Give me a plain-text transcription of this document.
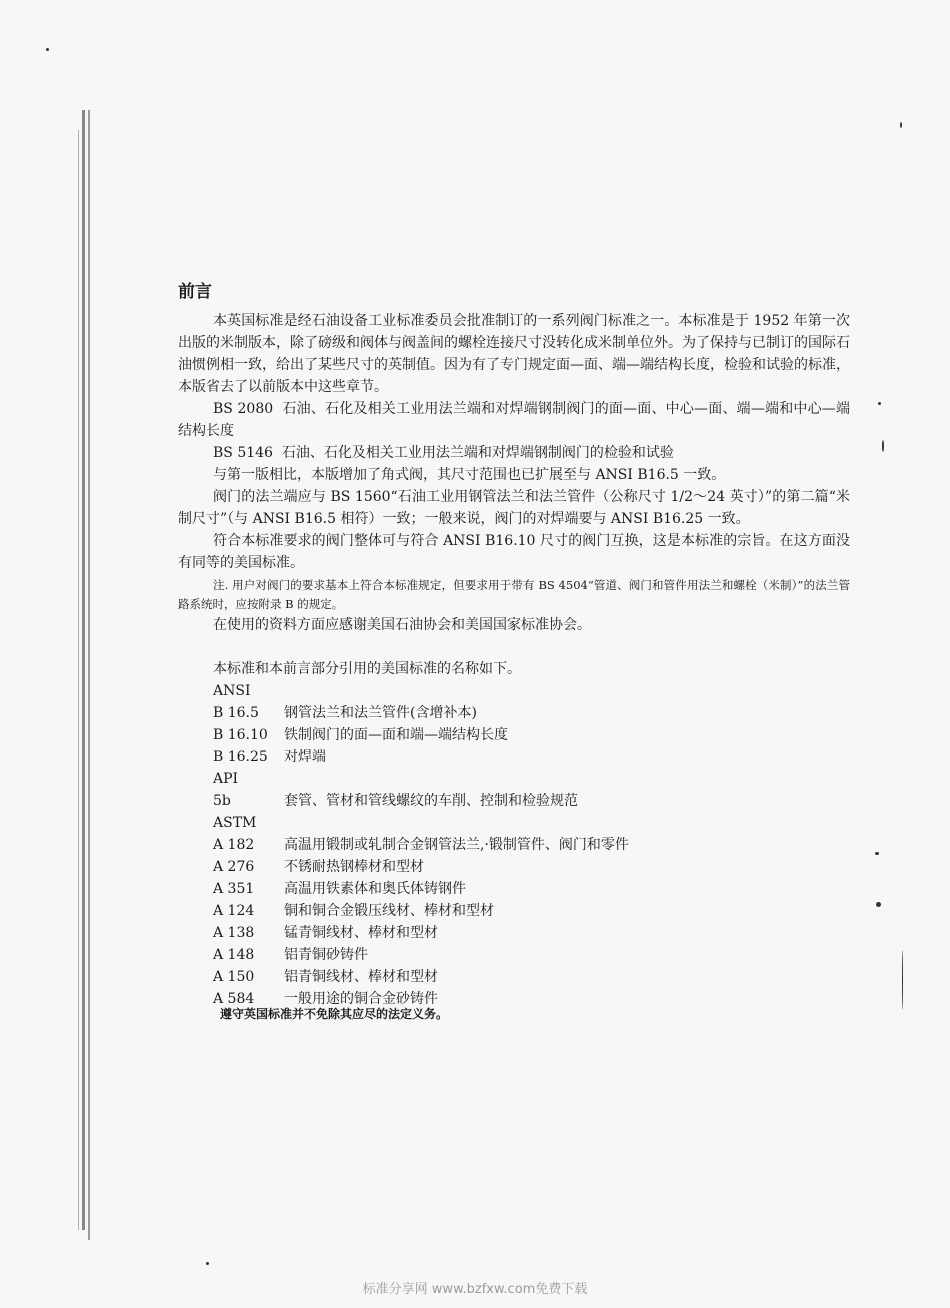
前言

本英国标准是经石油设备工业标准委员会批准制订的一系列阀门标准之一。本标准是于 1952 年第一次出版的米制版本，除了磅级和阀体与阀盖间的螺栓连接尺寸没转化成米制单位外。为了保持与已制订的国际石油惯例相一致，给出了某些尺寸的英制值。因为有了专门规定面—面、端—端结构长度，检验和试验的标准，本版省去了以前版本中这些章节。

BS 2080 石油、石化及相关工业用法兰端和对焊端钢制阀门的面—面、中心—面、端—端和中心—端结构长度
BS 5146 石油、石化及相关工业用法兰端和对焊端钢制阀门的检验和试验

与第一版相比，本版增加了角式阀，其尺寸范围也已扩展至与 ANSI B16.5 一致。

阀门的法兰端应与 BS 1560“石油工业用钢管法兰和法兰管件（公称尺寸 1/2～24 英寸）”的第二篇“米制尺寸”（与 ANSI B16.5 相符）一致；一般来说，阀门的对焊端要与 ANSI B16.25 一致。

符合本标准要求的阀门整体可与符合 ANSI B16.10 尺寸的阀门互换，这是本标准的宗旨。在这方面没有同等的美国标准。

注. 用户对阀门的要求基本上符合本标准规定，但要求用于带有 BS 4504“管道、阀门和管件用法兰和螺栓（米制）”的法兰管路系统时，应按附录 B 的规定。

在使用的资料方面应感谢美国石油协会和美国国家标准协会。

本标准和本前言部分引用的美国标准的名称如下。
ANSI
B 16.5	钢管法兰和法兰管件(含增补本)
B 16.10	铁制阀门的面—面和端—端结构长度
B 16.25	对焊端
API
5b	套管、管材和管线螺纹的车削、控制和检验规范
ASTM
A 182	高温用锻制或轧制合金钢管法兰,·锻制管件、阀门和零件
A 276	不锈耐热钢棒材和型材
A 351	高温用铁素体和奥氏体铸钢件
A 124	铜和铜合金锻压线材、棒材和型材
A 138	锰青铜线材、棒材和型材
A 148	铝青铜砂铸件
A 150	铝青铜线材、棒材和型材
A 584	一般用途的铜合金砂铸件
遵守英国标准并不免除其应尽的法定义务。
标准分享网 www.bzfxw.com免费下载
